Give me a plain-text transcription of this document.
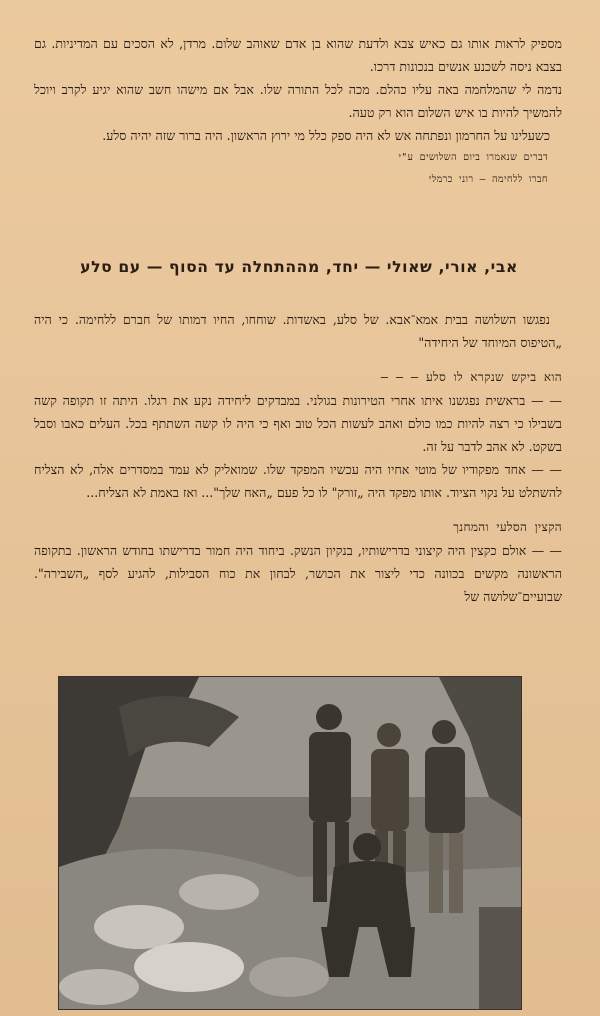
מספיק לראות אותו גם כאיש צבא ולדעת שהוא בן אדם שאוהב שלום. מרדן, לא הסכים עם המדיניות. גם בצבא ניסה לשכנע אנשים בנכונות דרכו.

נדמה לי שהמלחמה באה עליו כהלם. מכה לכל התורה שלו. אבל אם מישהו חשב שהוא יגיע לקרב ויוכל להמשיך להיות בו איש השלום הוא רק טעה.

כשעלינו על החרמון ונפתחה אש לא היה ספק כלל מי ירוץ הראשון. היה ברור שזה יהיה סלע.

דברים שנאמרו ביום השלושים ע"י

חברו ללחימה — רוני כרמלי

אבי, אורי, שאולי — יחד, מההתחלה עד הסוף — עם סלע

נפגשו השלושה בבית אמא־אבא. של סלע, באשדות. שוחחו, החיו דמותו של חברם ללחימה. כי היה „הטיפוס המיוחד של היחידה"

הוא ביקש שנקרא לו סלע — — —

— — בראשית נפגשנו איתו אחרי הטירונות בגולני. במבדקים ליחידה נקע את רגלו. היתה זו תקופה קשה בשבילו כי רצה להיות כמו כולם ואהב לעשות הכל טוב ואף כי היה לו קשה השתתף בכל. העלים כאבו וסבל בשקט. לא אהב לדבר על זה.

— — אחד מפקודיו של מוטי אחיו היה עכשיו המפקד שלו. שמואליק לא עמד במסדרים אלה, לא הצליח להשתלט על נקוי הציוד. אותו מפקד היה „זורק" לו כל פעם „האח שלך"... ואז באמת לא הצליח...

הקצין הסלעי והמחנך

— — אולם כקצין היה קיצוני בדרישותיו, בנקיון הנשק. ביחוד היה חמור בדרישתו בחודש הראשון. בתקופה הראשונה מקשים בכוונה כדי ליצור את הכושר, לבחון את כוח הסבילות, להגיע לסף „השבירה". שבועיים־שלושה של
